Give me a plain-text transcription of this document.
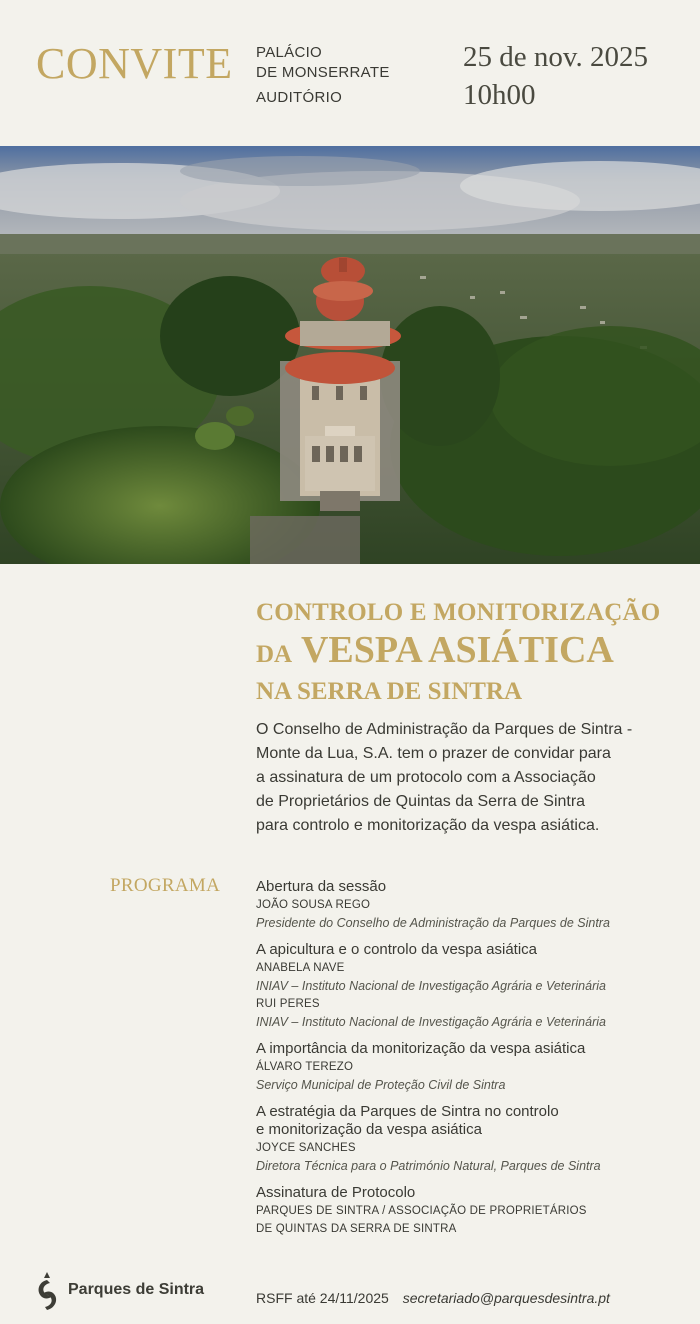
CONVITE PALÁCIO
DE MONSERRATE
AUDITÓRIO
25 de nov. 2025
10h00
CONTROLO E MONITORIZAÇÃO
DA VESPA ASIÁTICA
NA SERRA DE SINTRA
O Conselho de Administração da Parques de Sintra -
Monte da Lua, S.A. tem o prazer de convidar para
a assinatura de um protocolo com a Associação
de Proprietários de Quintas da Serra de Sintra
para controlo e monitorização da vespa asiática.
PROGRAMA Abertura da sessão
JOÃO SOUSA REGO
Presidente do Conselho de Administração da Parques de Sintra
A apicultura e o controlo da vespa asiática
ANABELA NAVE
INIAV – Instituto Nacional de Investigação Agrária e Veterinária
RUI PERES
INIAV – Instituto Nacional de Investigação Agrária e Veterinária
A importância da monitorização da vespa asiática
ÁLVARO TEREZO
Serviço Municipal de Proteção Civil de Sintra
A estratégia da Parques de Sintra no controlo
e monitorização da vespa asiática
JOYCE SANCHES
Diretora Técnica para o Património Natural, Parques de Sintra
Assinatura de Protocolo
PARQUES DE SINTRA / ASSOCIAÇÃO DE PROPRIETÁRIOS
DE QUINTAS DA SERRA DE SINTRA
Parques de Sintra	RSFF até 24/11/2025 secretariado@parquesdesintra.pt
